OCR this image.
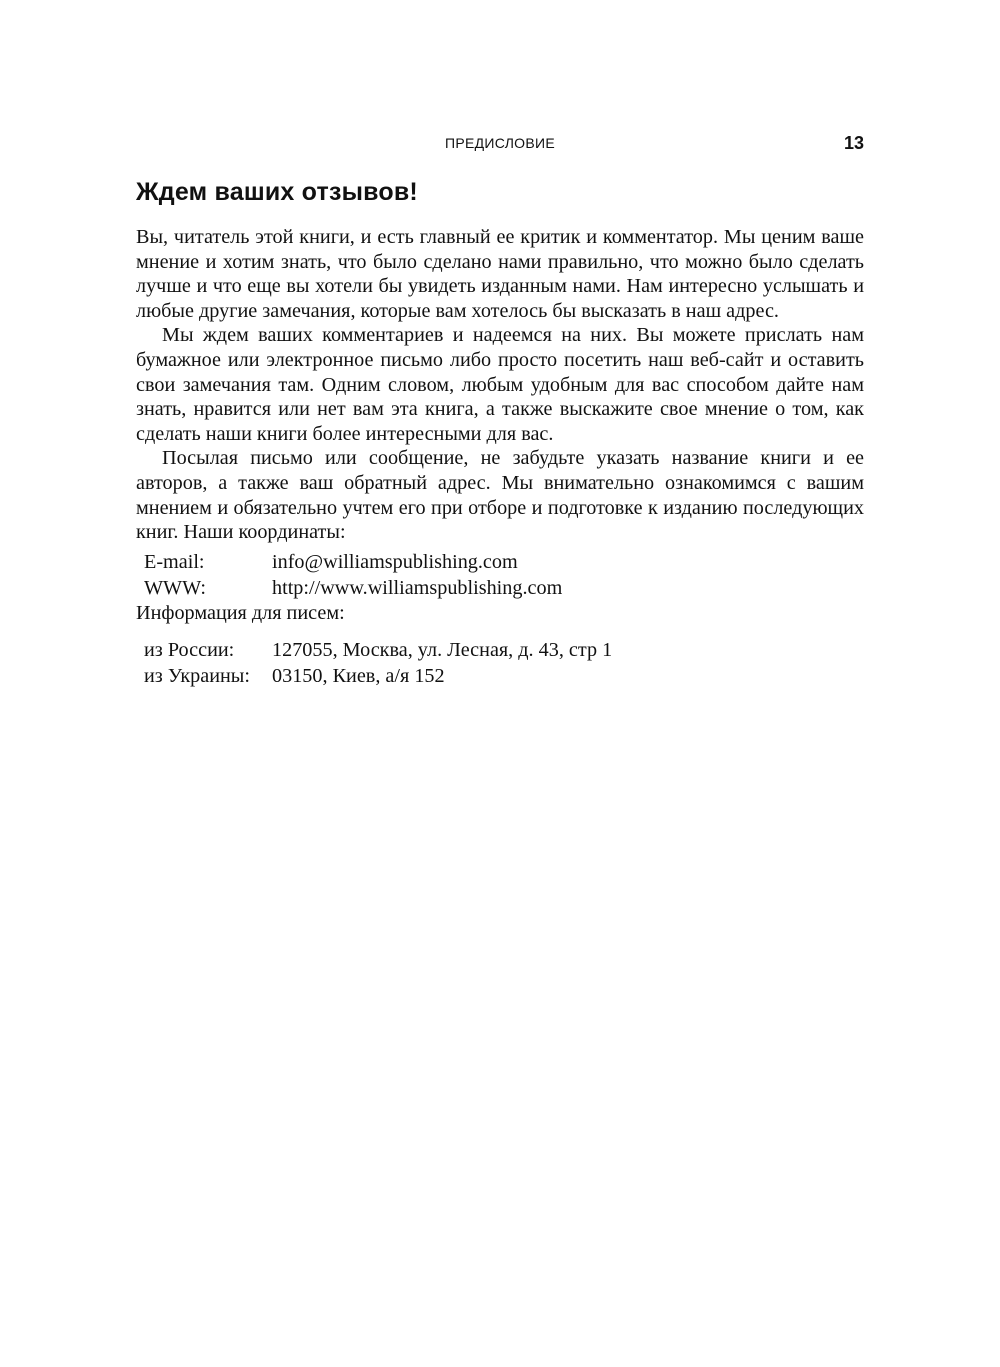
ПРЕДИСЛОВИЕ	13
Ждем ваших отзывов!

Вы, читатель этой книги, и есть главный ее критик и комментатор. Мы ценим ваше мнение и хотим знать, что было сделано нами правильно, что можно было сделать лучше и что еще вы хотели бы увидеть изданным нами. Нам интересно услышать и любые другие замечания, которые вам хотелось бы высказать в наш адрес.

Мы ждем ваших комментариев и надеемся на них. Вы можете прислать нам бумажное или электронное письмо либо просто посетить наш веб-сайт и оставить свои замечания там. Одним словом, любым удобным для вас способом дайте нам знать, нравится или нет вам эта книга, а также выскажите свое мнение о том, как сделать наши книги более интересными для вас.

Посылая письмо или сообщение, не забудьте указать название книги и ее авторов, а также ваш обратный адрес. Мы внимательно ознакомимся с вашим мнением и обязательно учтем его при отборе и подготовке к изданию последующих книг. Наши координаты:

E-mail:	info@williamspublishing.com
WWW:	http://www.williamspublishing.com

Информация для писем:

из России:	127055, Москва, ул. Лесная, д. 43, стр 1
из Украины:	03150, Киев, а/я 152
